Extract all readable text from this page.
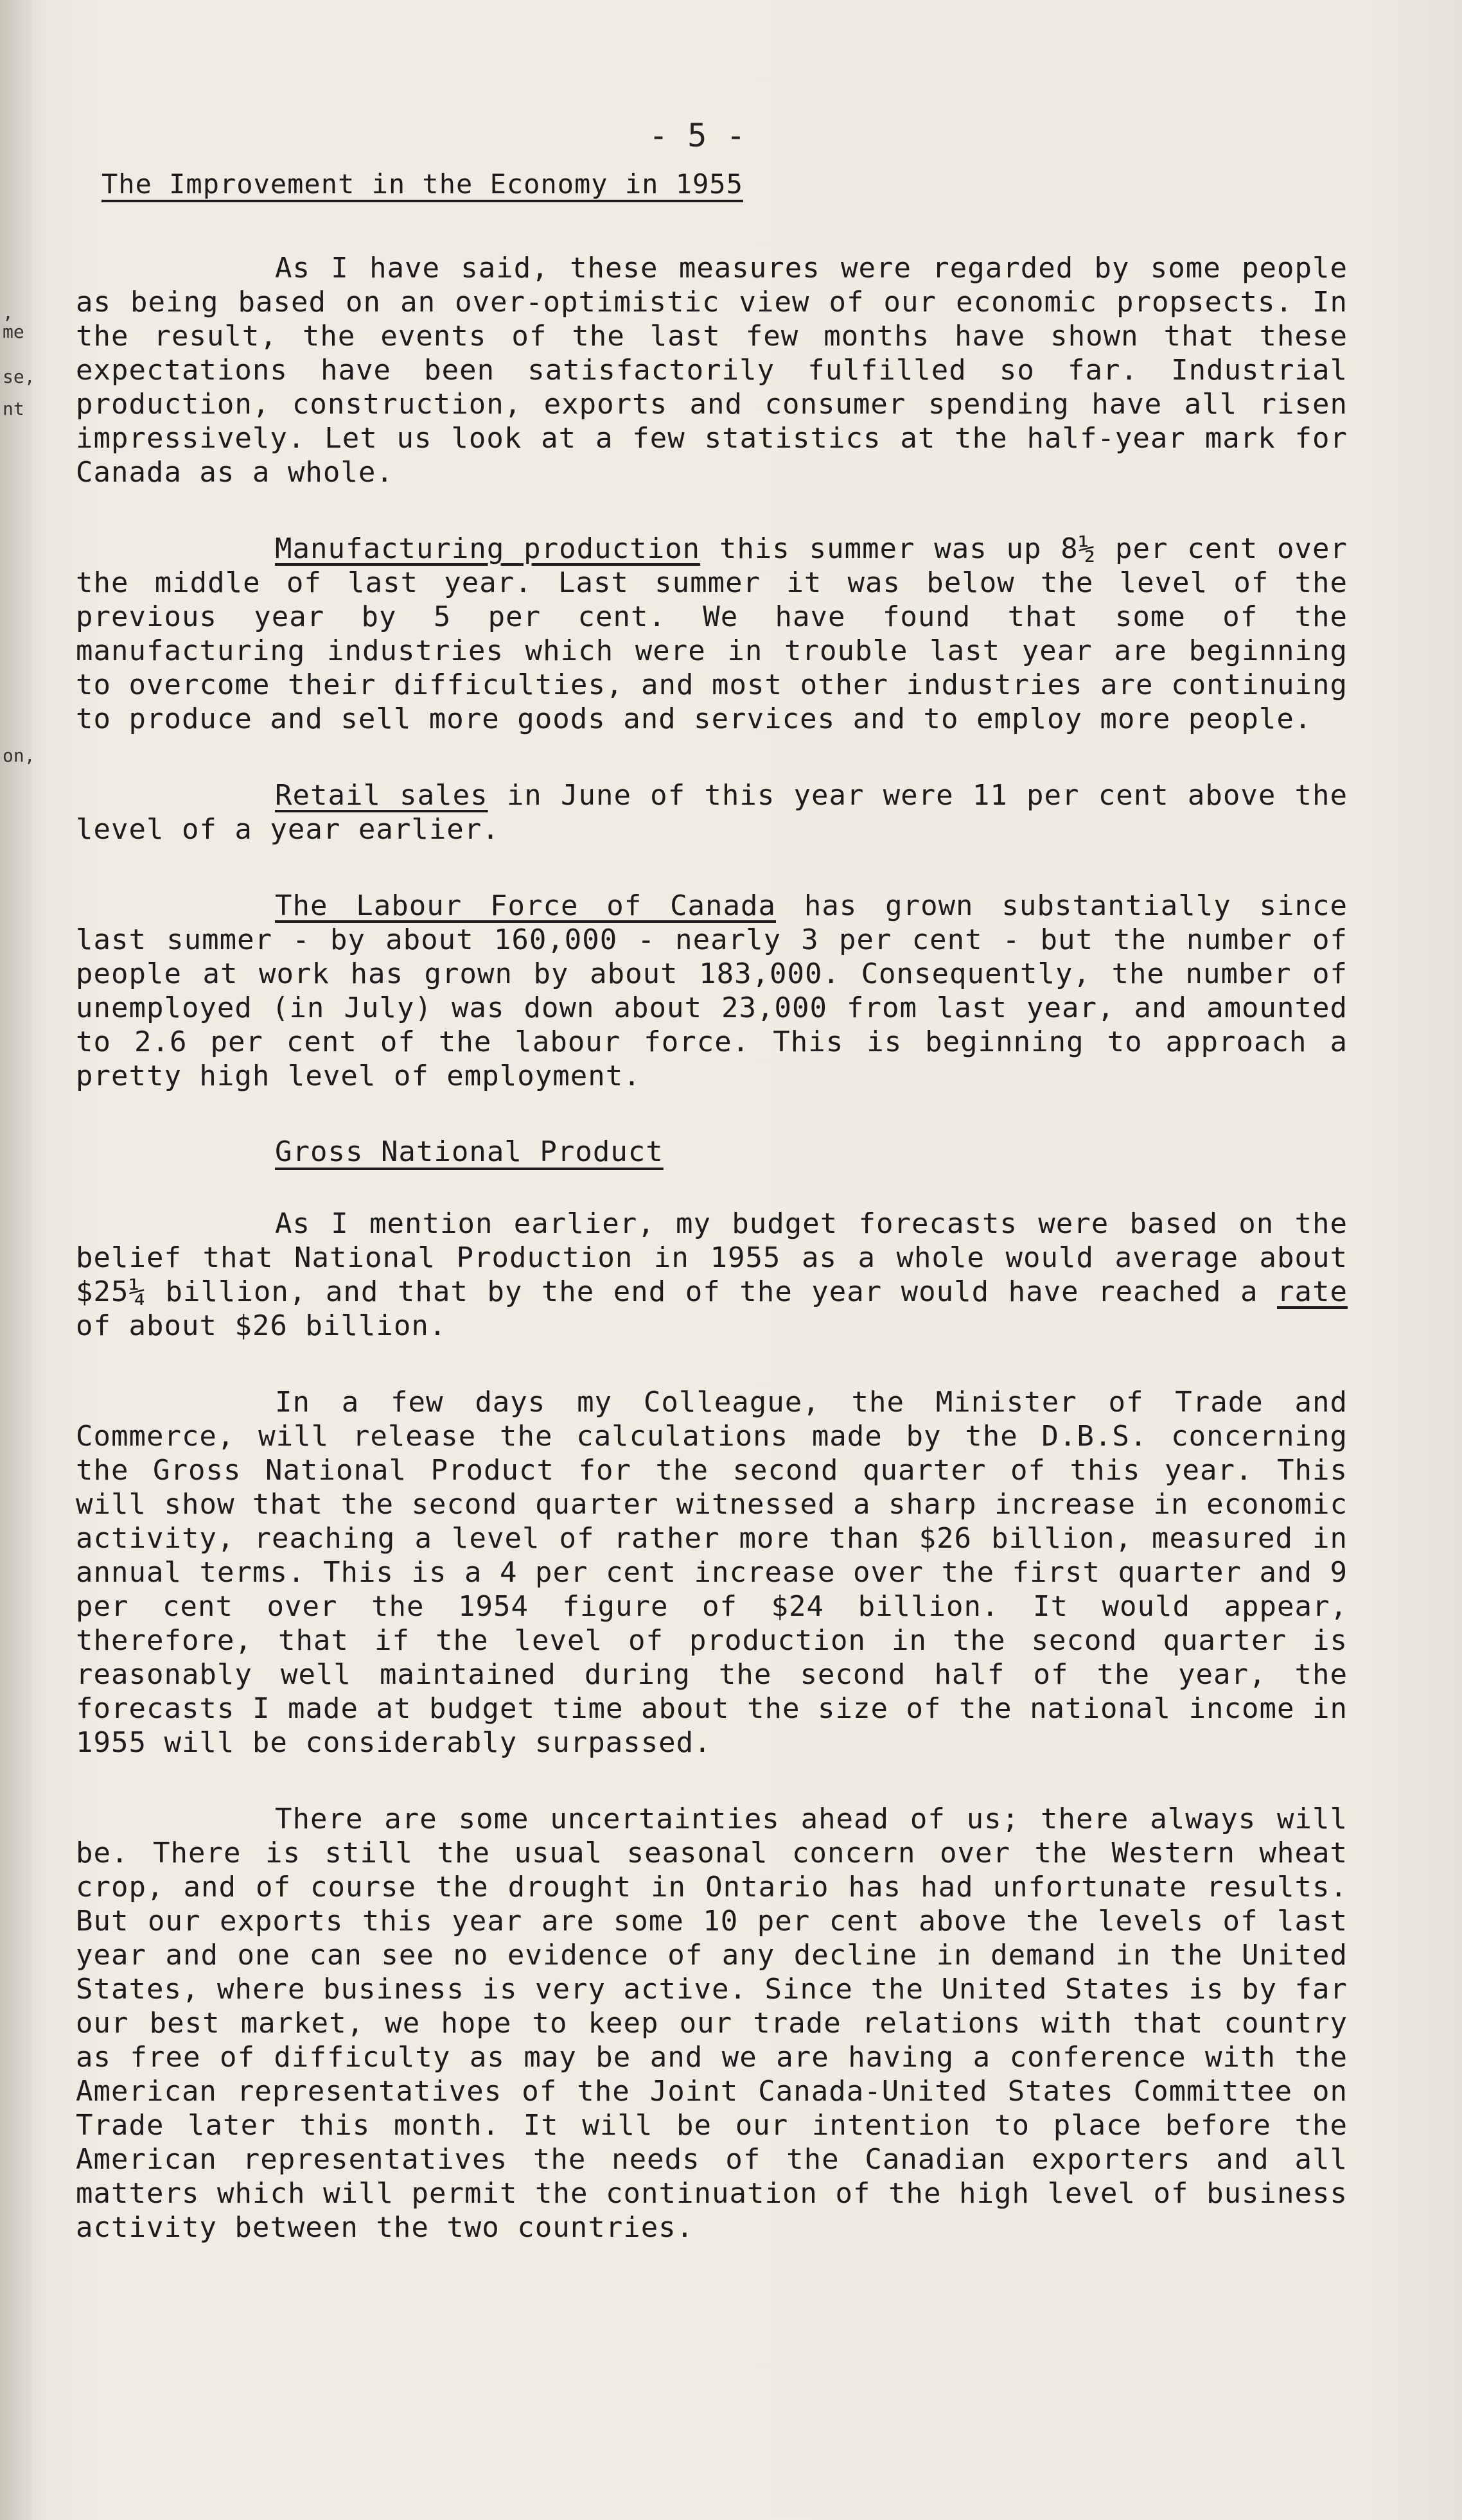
,
me
se,
nt
on,
- 5 -
The Improvement in the Economy in 1955

As I have said, these measures were regarded by some people as being based on an over-optimistic view of our economic propsects. In the result, the events of the last few months have shown that these expectations have been satisfactorily fulfilled so far. Industrial production, construction, exports and consumer spending have all risen impressively. Let us look at a few statistics at the half-year mark for Canada as a whole.

Manufacturing production this summer was up 8½ per cent over the middle of last year. Last summer it was below the level of the previous year by 5 per cent. We have found that some of the manufacturing industries which were in trouble last year are beginning to overcome their difficulties, and most other industries are continuing to produce and sell more goods and services and to employ more people.

Retail sales in June of this year were 11 per cent above the level of a year earlier.

The Labour Force of Canada has grown substantially since last summer - by about 160,000 - nearly 3 per cent - but the number of people at work has grown by about 183,000. Consequently, the number of unemployed (in July) was down about 23,000 from last year, and amounted to 2.6 per cent of the labour force. This is beginning to approach a pretty high level of employment.

Gross National Product

As I mention earlier, my budget forecasts were based on the belief that National Production in 1955 as a whole would average about $25¼ billion, and that by the end of the year would have reached a rate of about $26 billion.

In a few days my Colleague, the Minister of Trade and Commerce, will release the calculations made by the D.B.S. concerning the Gross National Product for the second quarter of this year. This will show that the second quarter witnessed a sharp increase in economic activity, reaching a level of rather more than $26 billion, measured in annual terms. This is a 4 per cent increase over the first quarter and 9 per cent over the 1954 figure of $24 billion. It would appear, therefore, that if the level of production in the second quarter is reasonably well maintained during the second half of the year, the forecasts I made at budget time about the size of the national income in 1955 will be considerably surpassed.

There are some uncertainties ahead of us; there always will be. There is still the usual seasonal concern over the Western wheat crop, and of course the drought in Ontario has had unfortunate results. But our exports this year are some 10 per cent above the levels of last year and one can see no evidence of any decline in demand in the United States, where business is very active. Since the United States is by far our best market, we hope to keep our trade relations with that country as free of difficulty as may be and we are having a conference with the American representatives of the Joint Canada-United States Committee on Trade later this month. It will be our intention to place before the American representatives the needs of the Canadian exporters and all matters which will permit the continuation of the high level of business activity between the two countries.
